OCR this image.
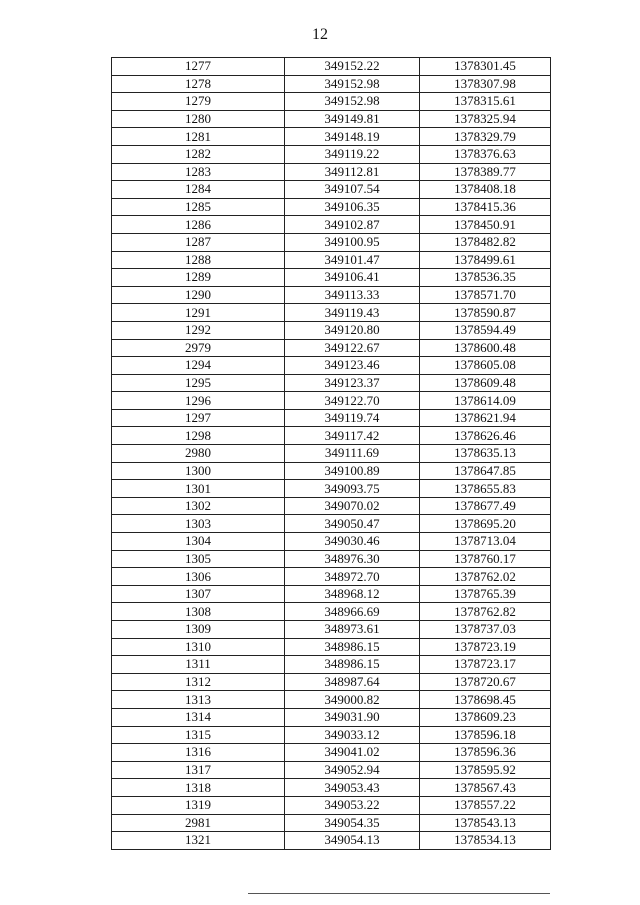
12
1277	349152.22	1378301.45
1278	349152.98	1378307.98
1279	349152.98	1378315.61
1280	349149.81	1378325.94
1281	349148.19	1378329.79
1282	349119.22	1378376.63
1283	349112.81	1378389.77
1284	349107.54	1378408.18
1285	349106.35	1378415.36
1286	349102.87	1378450.91
1287	349100.95	1378482.82
1288	349101.47	1378499.61
1289	349106.41	1378536.35
1290	349113.33	1378571.70
1291	349119.43	1378590.87
1292	349120.80	1378594.49
2979	349122.67	1378600.48
1294	349123.46	1378605.08
1295	349123.37	1378609.48
1296	349122.70	1378614.09
1297	349119.74	1378621.94
1298	349117.42	1378626.46
2980	349111.69	1378635.13
1300	349100.89	1378647.85
1301	349093.75	1378655.83
1302	349070.02	1378677.49
1303	349050.47	1378695.20
1304	349030.46	1378713.04
1305	348976.30	1378760.17
1306	348972.70	1378762.02
1307	348968.12	1378765.39
1308	348966.69	1378762.82
1309	348973.61	1378737.03
1310	348986.15	1378723.19
1311	348986.15	1378723.17
1312	348987.64	1378720.67
1313	349000.82	1378698.45
1314	349031.90	1378609.23
1315	349033.12	1378596.18
1316	349041.02	1378596.36
1317	349052.94	1378595.92
1318	349053.43	1378567.43
1319	349053.22	1378557.22
2981	349054.35	1378543.13
1321	349054.13	1378534.13
